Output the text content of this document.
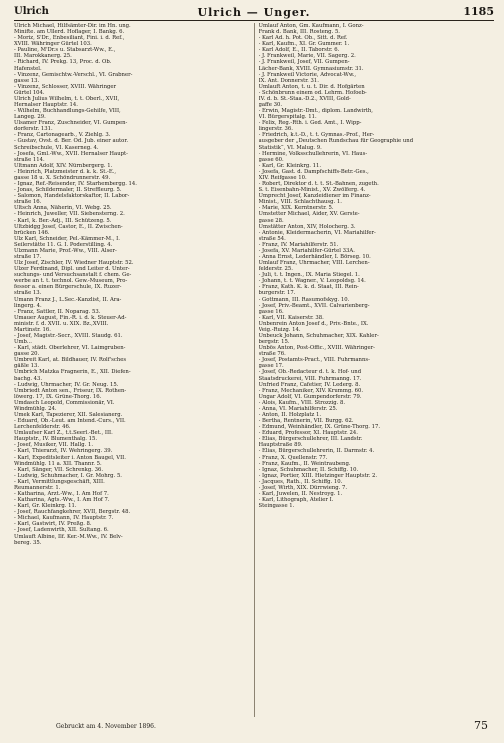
Ulrich	Ulrich — Unger.	1185

Ulrich Michael, Hilfsämter-Dir. im Hn. ung.

Minifte. am Ullerd. Hoflager, I. Bankg. 6.

- Moriz, S'Dr., Enbesiliant, Fini. i. d. Ref.,

XVIII. Währinger Gürtel 103.

- Pauline, M'Dr.s u. Stabsarzt-Ww., E.,

III. Marokkanerg. 25.

- Richard, IV. Prekg. 13, Proc. d. Ob.

Hafenstel.

- Vinzenz, Gemischtw.-Verschl., VI. Grabner-

gasse 13.

- Vinzenz, Schlosser, XVIII. Währinger

Gürtel 104.

Ulrich Julius Wilhelm, t. t. Oberl., XVII,

Hernalser Hauptstr. 14.

- Wilhelm, Buchhandlungs-Gehilfe, VIII,

Langeg. 29.

Ulsamer Franz, Zuschneider, VI. Gumpen-

dorferstr. 131.

- Franz, Cartonagearb., V. Ziehlg. 3.

- Gustav, Ovst. d. Ber. Od. Jub. einer autor.

Schreibschule, VI. Kaserneg. 4.

- Josefa, Gml.-Ww., XVII. Hernalser Haupt-

straße 114.

Ultmann Adolf, XIV. Nürnbergerg. 1.

- Heinrich, Platzmeister d. k. k. St.-E.,

gasse 18 u. X. Schöndrunnerstr. 49.

- Ignaz, Ref.-Reisender, IV. Starhembergg. 14.

- Jonas, Schildermaler, II. Streffleurg. 5.

- Salomon, Handelsfaktorskaftor, II. Labor-

straße 16.

Ultsch Anna, Näherin, VI. Webg. 25.

- Heinrich, Juweller, VII. Siebensterng. 2.

- Karl, k. Ber.-Adj., III. Schützeng. 5.

Ultzbidgg Josef, Castor, E., II. Zwischen-

brücken 146.

Ulz Karl, Schneider, Pel.-Kämmer-M., I.

Seilerstätte 11. G. I. Poderstilling. 4.

Ulzmann Marie, Prof.-Ww., VIII. Alser-

straße 17.

Ulz Josef, Zischler, IV. Wiedner Hauptstr. 52.

Ulzer Ferdinand, Dipl. und Leiter d. Unter-

suchungs- und Versuchsanstalt f. chem. Ge-

werbe an t. t. technol. Gew.-Museum, Pro-

fessor a. einen Bürgerschule, IX. Ruzer-

straße 13.

Umann Franz J., L.Sec.-Kanzlist, II. Ara-

lingerg. 4.

- Franz, Sattler, II. Noparag. 53.

Umauer August, Fin.-R. i. d. k. Steuer-Ad-

ministr. f. d. XVII. u. XIX. Bz.,XVIII.

Martinstr. 16.

- Josef, Magistr.-Secr., XVIII. Staudg. 61.

Umb...

- Karl, städt. Oberlehrer, VI. Laimgruben-

gasse 20.

Umbreit Karl, at. Bildhauer, IV. Rolf'sches

gäßle 13.

Umbrich Matzka Fragnerin, E., XII. Diefen-

bachg. 43.

- Ludwig, Uhrmacher, IV. Gr. Neug. 15.

Umbriedt Anton sen., Friseur, IX. Rothen-

löwerg. 17, IX. Grüne-Thorg. 16.

Umdasch Leopold, Commissionär, VI.

Windmühlg. 24.

Umek Karl, Tapezierer, XII. Salesianerg.

- Eduard, Ob.-Leut. am Intend.-Curs., VII.

Lerchenfelderstr. 46.

Umlaufser Karl Z., t.t.Seerl.-Bet., III.

Hauptstr., IV. Blumenthalg. 15.

- Josef, Musiker, VII. Hallg. 1.

- Karl, Thierarzt, IV. Wehringerg. 39.

- Karl, Expeditsleiter i. Anton Baugel, VII.

Windmühlg. 11 a. XII. Thannr. 5.

- Karl, Sänger, VII. Schrenkg. 36.

- Ludwig, Schuhmacher, I. Gr. Mohrg. 5.

- Karl, Vermittlungsgeschäft, XIII.

Reumannerstr. 1.

- Katharina, Arzt.-Ww., I. Am Hof 7.

- Katharina, Agts.-Ww., I. Am Hof 7.

- Karl, Gr. Kleinkrg. 11.

- Josef, Rauchfangkehrer, XVII, Bergstr. 48.

- Michael, Kaufmann, IV. Hauptstr. 7.

- Karl, Gastwirt, IV. Preßg. 8.

- Josef, Ladenwirth, XII. Sultang. 6.

Umlauft Albine, Ilf. Ker.-M.Ww., IV. Belv-

bereg. 35.

Umlauf Anton, Gm. Kaufmann, I. Gonz-

Frank d. Bank, III. Rosteng. 5.

- Karl Ad. h. Pot. Ob., Sitt. d. Ref.

- Karl, Kaufm., XI. Gr. Gummer. 1.

- Karl Adolf, E., II. Taborstr. 6.

- J. Frankweil, Marie, VII. Sagerg. 2.

- J. Frankweil, Josef, VII. Gumpen-

Lächer-Bank, XVIII. Gymnasiumstr. 31.

- J. Frankweil Victorie, Advocat-Ww.,

IX. Ant. Donnerstr. 31.

Umlauft Anton, t. u. t. Dir. d. Hofgärten

- Schönbrunn einem od. Lehrm. Hofoeb-

IV. d. b. St.-Staa.-D.2., XVIII, Gold-

gaffe 30.

- Erwin, Magistr.-Dmt., diplom. Landwirth,

VI. Bürgerspitalg. 11.

- Felix, Reg.-Rth. i. Ged. Amt., I. Wipp-

lingerstr. 36.

- Friedrich, k.t.-D., t. t. Gymnas.-Prof., Her-

ausgeber der „Deutschen Rundschau für Geographie und

Statistik“, VI. Malug. 9.

- Hermine, Volksschullehrerin, VI. Haus-

gasse 60.

- Karl, Gr. Kleinkrg. 11.

- Josefa, Gast. d. Dampfschiffs-Betr.-Ges.,

XIV. Reifgasse 10.

- Robert, Direktor d. t. t. St.-Bahnen, zugeth.

S. t. Eisenbahn-Minist., XV. Zwölferg. 4.

Umprecht Josef, Kanzleidiener im Finanz-

Minist., VIII. Schlachthausg. 1.

- Marie, XIX. Kerntnerstr. 5.

Umstetter Michael, Aider, XV. Gerste-

gasse 28.

Umstätter Anton, XIV, Holocherg. 3.

- Antonie, Kleidermacherin, VI. Mariahilfer-

straße 54.

- Franz, IV. Mariahilferstr. 51.

- Josefa, XV. Mariahilfer-Gürtel 33A.

- Anna Ernst, Lederhändler, I. Börseg. 10.

Umlauf Franz, Uhrmacher, VIII. Lerchen-

felderstr. 25.

- Juli, t. t. Ingen., IX. Maria Stiegel. 1.

- Johann, t. t. Wagner., V. Leopoldsg. 14.

- Franz, Kath. K. k. d. Staat, III. Rein-

burgerstr. 17.

- Gottmann, III. Rasumofskyg. 10.

- Josef, Priv.-Beamt., XVII. Calvarienberg-

gasse 16.

- Karl, VII. Kaiserstr. 38.

Unbenrein Anton Josef d., Priv.-Bnte., IX.

Veig.-Ruizg. 14.

Unbeuck Johann, Schuhmacher, XIX. Kahler-

bergstr. 15.

Unbös Anton, Post-Offic., XVIII. Währinger-

straße 76.

- Josef, Postamts-Pract., VIII. Fuhrmanns-

gasse 17.

- Josef, Ob.-Redacteur d. t. k. Hof- und

Staatsdruckerei, VIII. Fuhrmanng. 17.

Unfried Franz, Cafetier, IV. Lederg. 8.

- Franz, Mechaniker, XIV. Krummg. 60.

Ungar Adolf, VI. Gumpendorferstr. 79.

- Alois, Kaufm., VIII. Strozzig. 8.

- Anna, VI. Mariahilferstr. 25.

- Anton, II. Holzplatz 1.

- Bertha, Rentnerin, VII. Burgg. 62.

- Edmund, Weinhändler, IX. Grüne-Thorg. 17.

- Eduard, Professor, XI. Hauptstr. 24.

- Elias, Bürgerschullehrer, III. Landstr.

Hauptstraße 89.

- Elias, Bürgerschullehrerin, II. Darmstr. 4.

- Franz, X. Quellenstr. 77.

- Franz, Kaufm., II. Weintraubeng.

- Ignaz, Schuhmacher, II. Schiffg. 10.

- Ignaz, Portier, XIII. Hietzinger Hauptstr. 2.

- Jacques, Rath., II. Schiffg. 10.

- Josef, Wirth, XIX. Dürrwieng. 7.

- Karl, Juwelen, II. Nestroyg. 1.

- Karl, Lithograph, Atelier I.

Steingasse 1.

Gebruckt am 4. November 1896.	75
